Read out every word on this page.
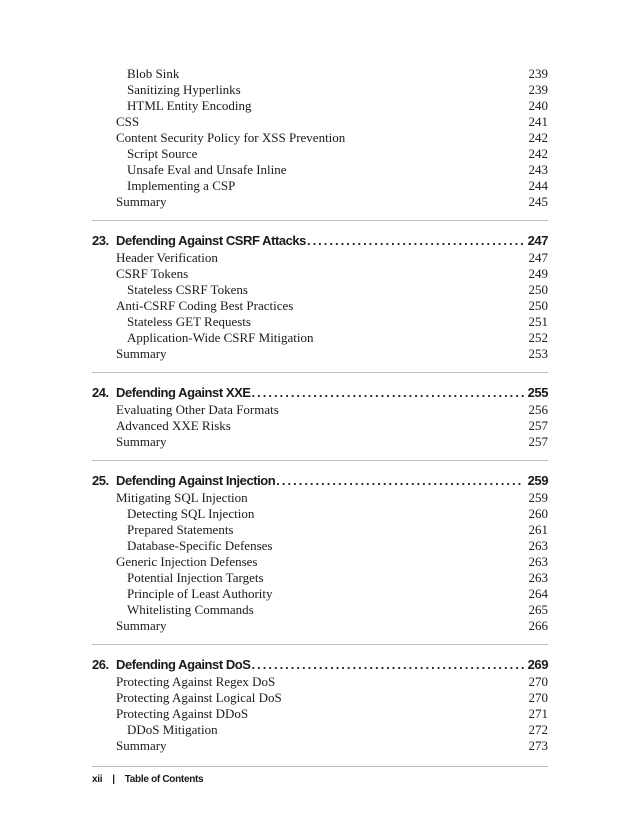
Blob Sink	239
Sanitizing Hyperlinks	239
HTML Entity Encoding	240
CSS	241
Content Security Policy for XSS Prevention	242
Script Source	242
Unsafe Eval and Unsafe Inline	243
Implementing a CSP	244
Summary	245
23. Defending Against CSRF Attacks .....	247
Header Verification	247
CSRF Tokens	249
Stateless CSRF Tokens	250
Anti-CSRF Coding Best Practices	250
Stateless GET Requests	251
Application-Wide CSRF Mitigation	252
Summary	253
24. Defending Against XXE .....	255
Evaluating Other Data Formats	256
Advanced XXE Risks	257
Summary	257
25. Defending Against Injection .....	259
Mitigating SQL Injection	259
Detecting SQL Injection	260
Prepared Statements	261
Database-Specific Defenses	263
Generic Injection Defenses	263
Potential Injection Targets	263
Principle of Least Authority	264
Whitelisting Commands	265
Summary	266
26. Defending Against DoS .....	269
Protecting Against Regex DoS	270
Protecting Against Logical DoS	270
Protecting Against DDoS	271
DDoS Mitigation	272
Summary	273
xii | Table of Contents
